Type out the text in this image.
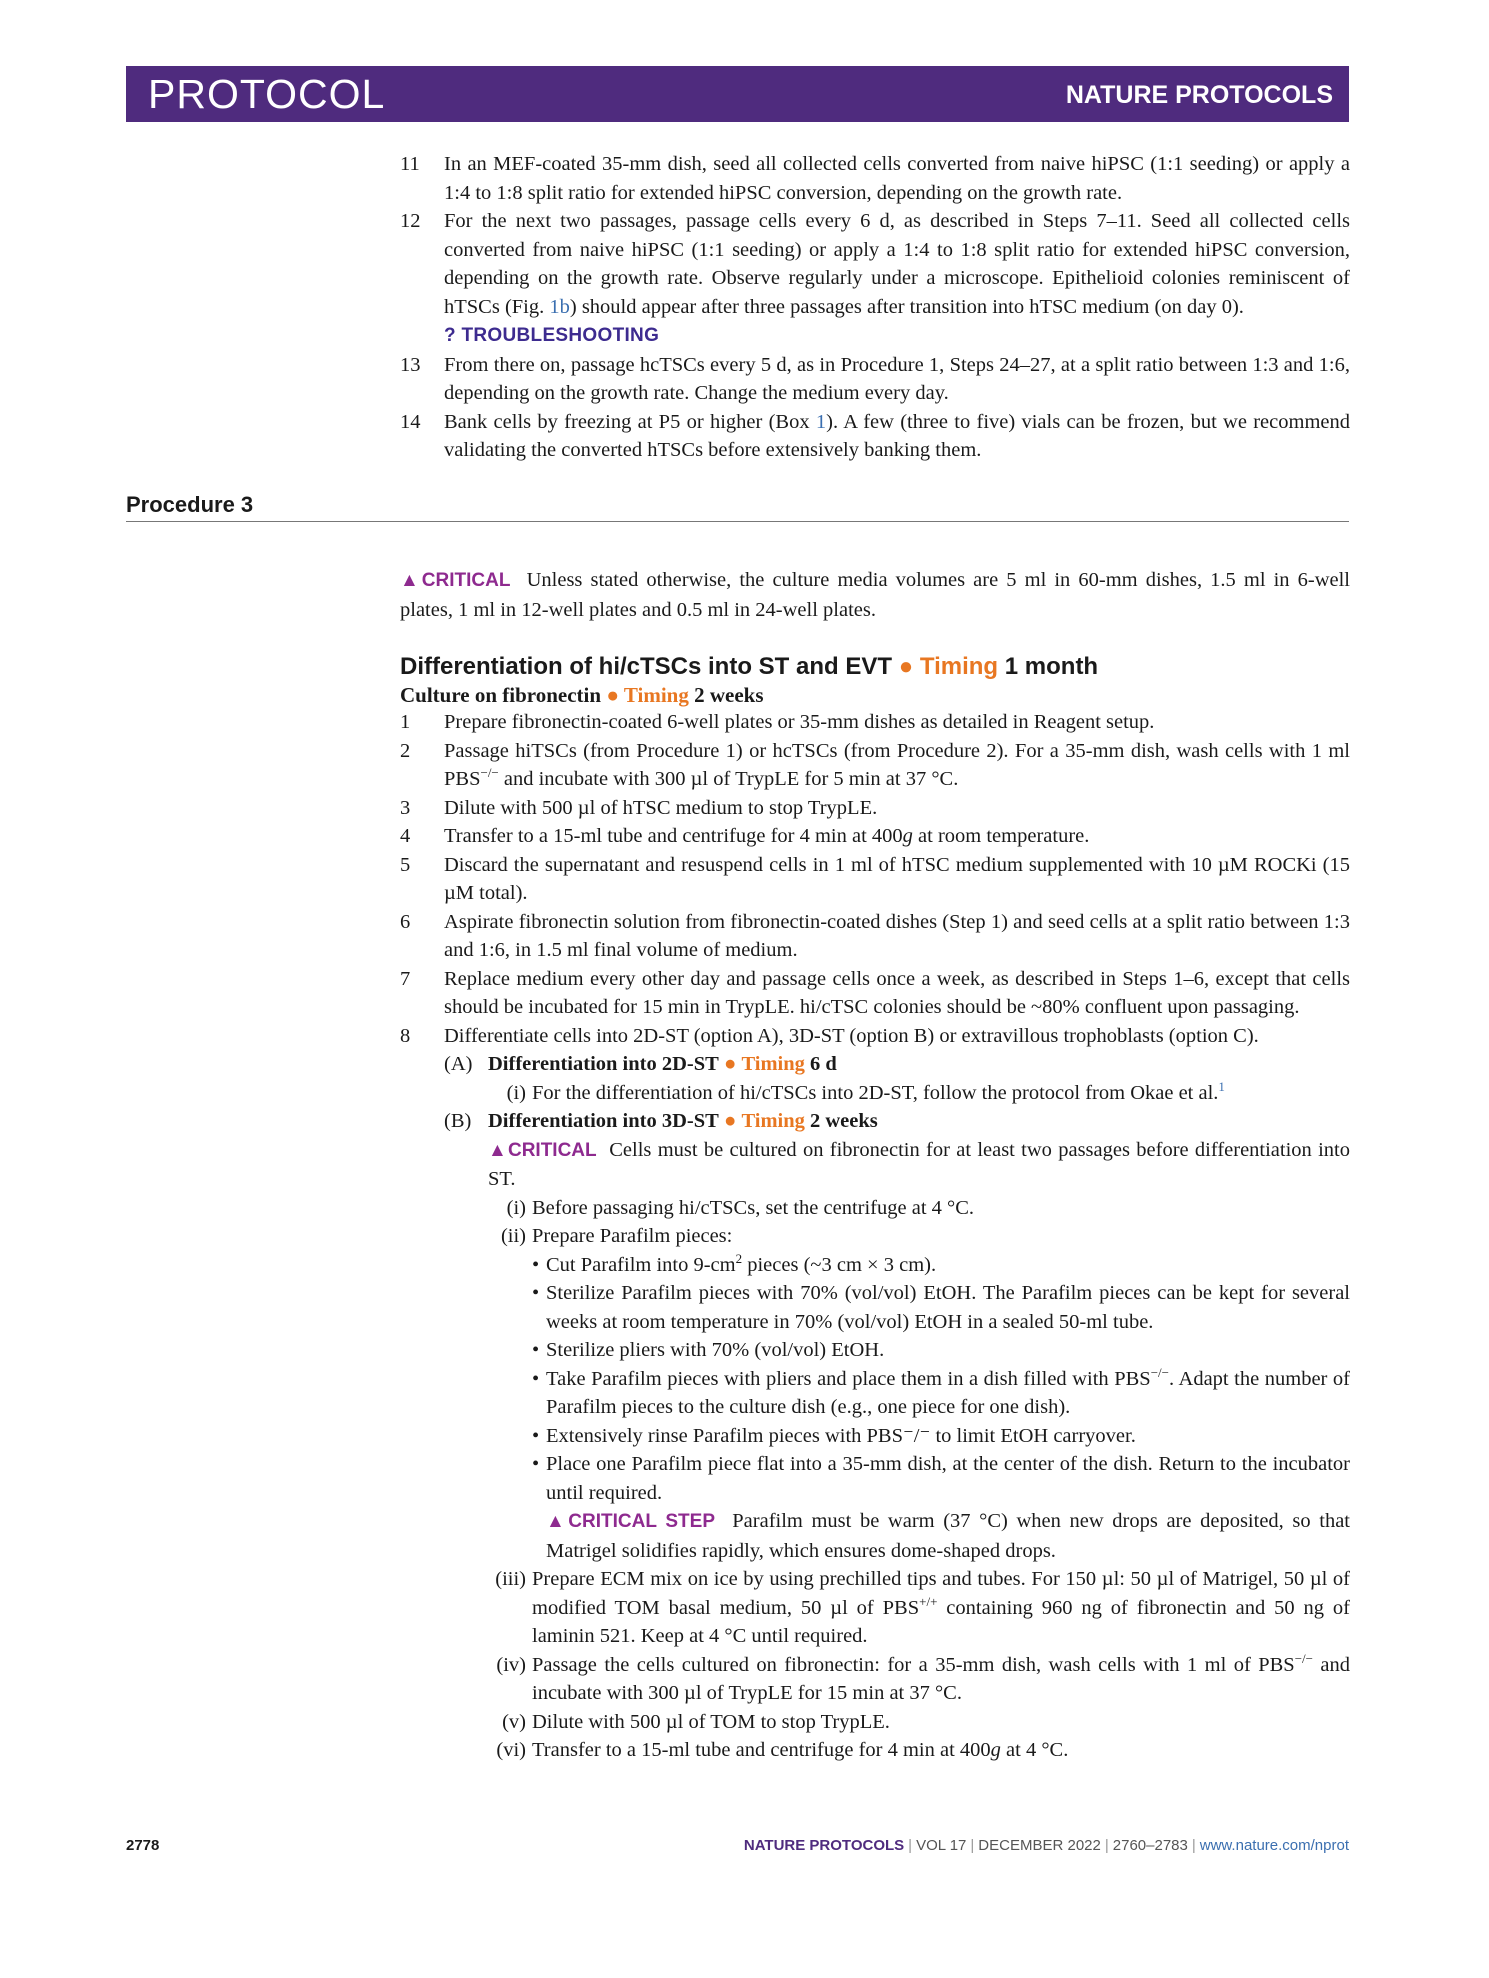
PROTOCOL	NATURE PROTOCOLS
11	In an MEF-coated 35-mm dish, seed all collected cells converted from naive hiPSC (1:1 seeding) or apply a 1:4 to 1:8 split ratio for extended hiPSC conversion, depending on the growth rate.
12	For the next two passages, passage cells every 6 d, as described in Steps 7–11. Seed all collected cells converted from naive hiPSC (1:1 seeding) or apply a 1:4 to 1:8 split ratio for extended hiPSC conversion, depending on the growth rate. Observe regularly under a microscope. Epithelioid colonies reminiscent of hTSCs (Fig. 1b) should appear after three passages after transition into hTSC medium (on day 0).
? TROUBLESHOOTING
13	From there on, passage hcTSCs every 5 d, as in Procedure 1, Steps 24–27, at a split ratio between 1:3 and 1:6, depending on the growth rate. Change the medium every day.
14	Bank cells by freezing at P5 or higher (Box 1). A few (three to five) vials can be frozen, but we recommend validating the converted hTSCs before extensively banking them.
Procedure 3
▲CRITICAL Unless stated otherwise, the culture media volumes are 5 ml in 60-mm dishes, 1.5 ml in 6-well plates, 1 ml in 12-well plates and 0.5 ml in 24-well plates.
Differentiation of hi/cTSCs into ST and EVT ● Timing 1 month
Culture on fibronectin ● Timing 2 weeks
1	Prepare fibronectin-coated 6-well plates or 35-mm dishes as detailed in Reagent setup.
2	Passage hiTSCs (from Procedure 1) or hcTSCs (from Procedure 2). For a 35-mm dish, wash cells with 1 ml PBS−/− and incubate with 300 µl of TrypLE for 5 min at 37 °C.
3	Dilute with 500 µl of hTSC medium to stop TrypLE.
4	Transfer to a 15-ml tube and centrifuge for 4 min at 400g at room temperature.
5	Discard the supernatant and resuspend cells in 1 ml of hTSC medium supplemented with 10 µM ROCKi (15 µM total).
6	Aspirate fibronectin solution from fibronectin-coated dishes (Step 1) and seed cells at a split ratio between 1:3 and 1:6, in 1.5 ml final volume of medium.
7	Replace medium every other day and passage cells once a week, as described in Steps 1–6, except that cells should be incubated for 15 min in TrypLE. hi/cTSC colonies should be ~80% confluent upon passaging.
8	Differentiate cells into 2D-ST (option A), 3D-ST (option B) or extravillous trophoblasts (option C).
(A) Differentiation into 2D-ST ● Timing 6 d
(i) For the differentiation of hi/cTSCs into 2D-ST, follow the protocol from Okae et al.$^1$
(B) Differentiation into 3D-ST ● Timing 2 weeks
▲CRITICAL Cells must be cultured on fibronectin for at least two passages before differentiation into ST.
(i) Before passaging hi/cTSCs, set the centrifuge at 4 °C.
(ii) Prepare Parafilm pieces:
• Cut Parafilm into $9-cm^2$ pieces (~3 cm × 3 cm).
• Sterilize Parafilm pieces with 70% (vol/vol) EtOH. The Parafilm pieces can be kept for several weeks at room temperature in 70% (vol/vol) EtOH in a sealed 50-ml tube.
• Sterilize pliers with 70% (vol/vol) EtOH.
• Take Parafilm pieces with pliers and place them in a dish filled with PBS−/−. Adapt the number of Parafilm pieces to the culture dish (e.g., one piece for one dish).
• Extensively rinse Parafilm pieces with PBS⁻/⁻ to limit EtOH carryover.
• Place one Parafilm piece flat into a 35-mm dish, at the center of the dish. Return to the incubator until required.
▲CRITICAL STEP Parafilm must be warm (37 °C) when new drops are deposited, so that Matrigel solidifies rapidly, which ensures dome-shaped drops.
(iii) Prepare ECM mix on ice by using prechilled tips and tubes. For 150 µl: 50 µl of Matrigel, 50 µl of modified TOM basal medium, 50 µl of PBS+/+ containing 960 ng of fibronectin and 50 ng of laminin 521. Keep at 4 °C until required.
(iv) Passage the cells cultured on fibronectin: for a 35-mm dish, wash cells with 1 ml of PBS−/− and incubate with 300 µl of TrypLE for 15 min at 37 °C.
(v) Dilute with 500 µl of TOM to stop TrypLE.
(vi) Transfer to a 15-ml tube and centrifuge for 4 min at 400g at 4 °C.
2778	NATURE PROTOCOLS | VOL 17 | DECEMBER 2022 | 2760–2783 | www.nature.com/nprot
